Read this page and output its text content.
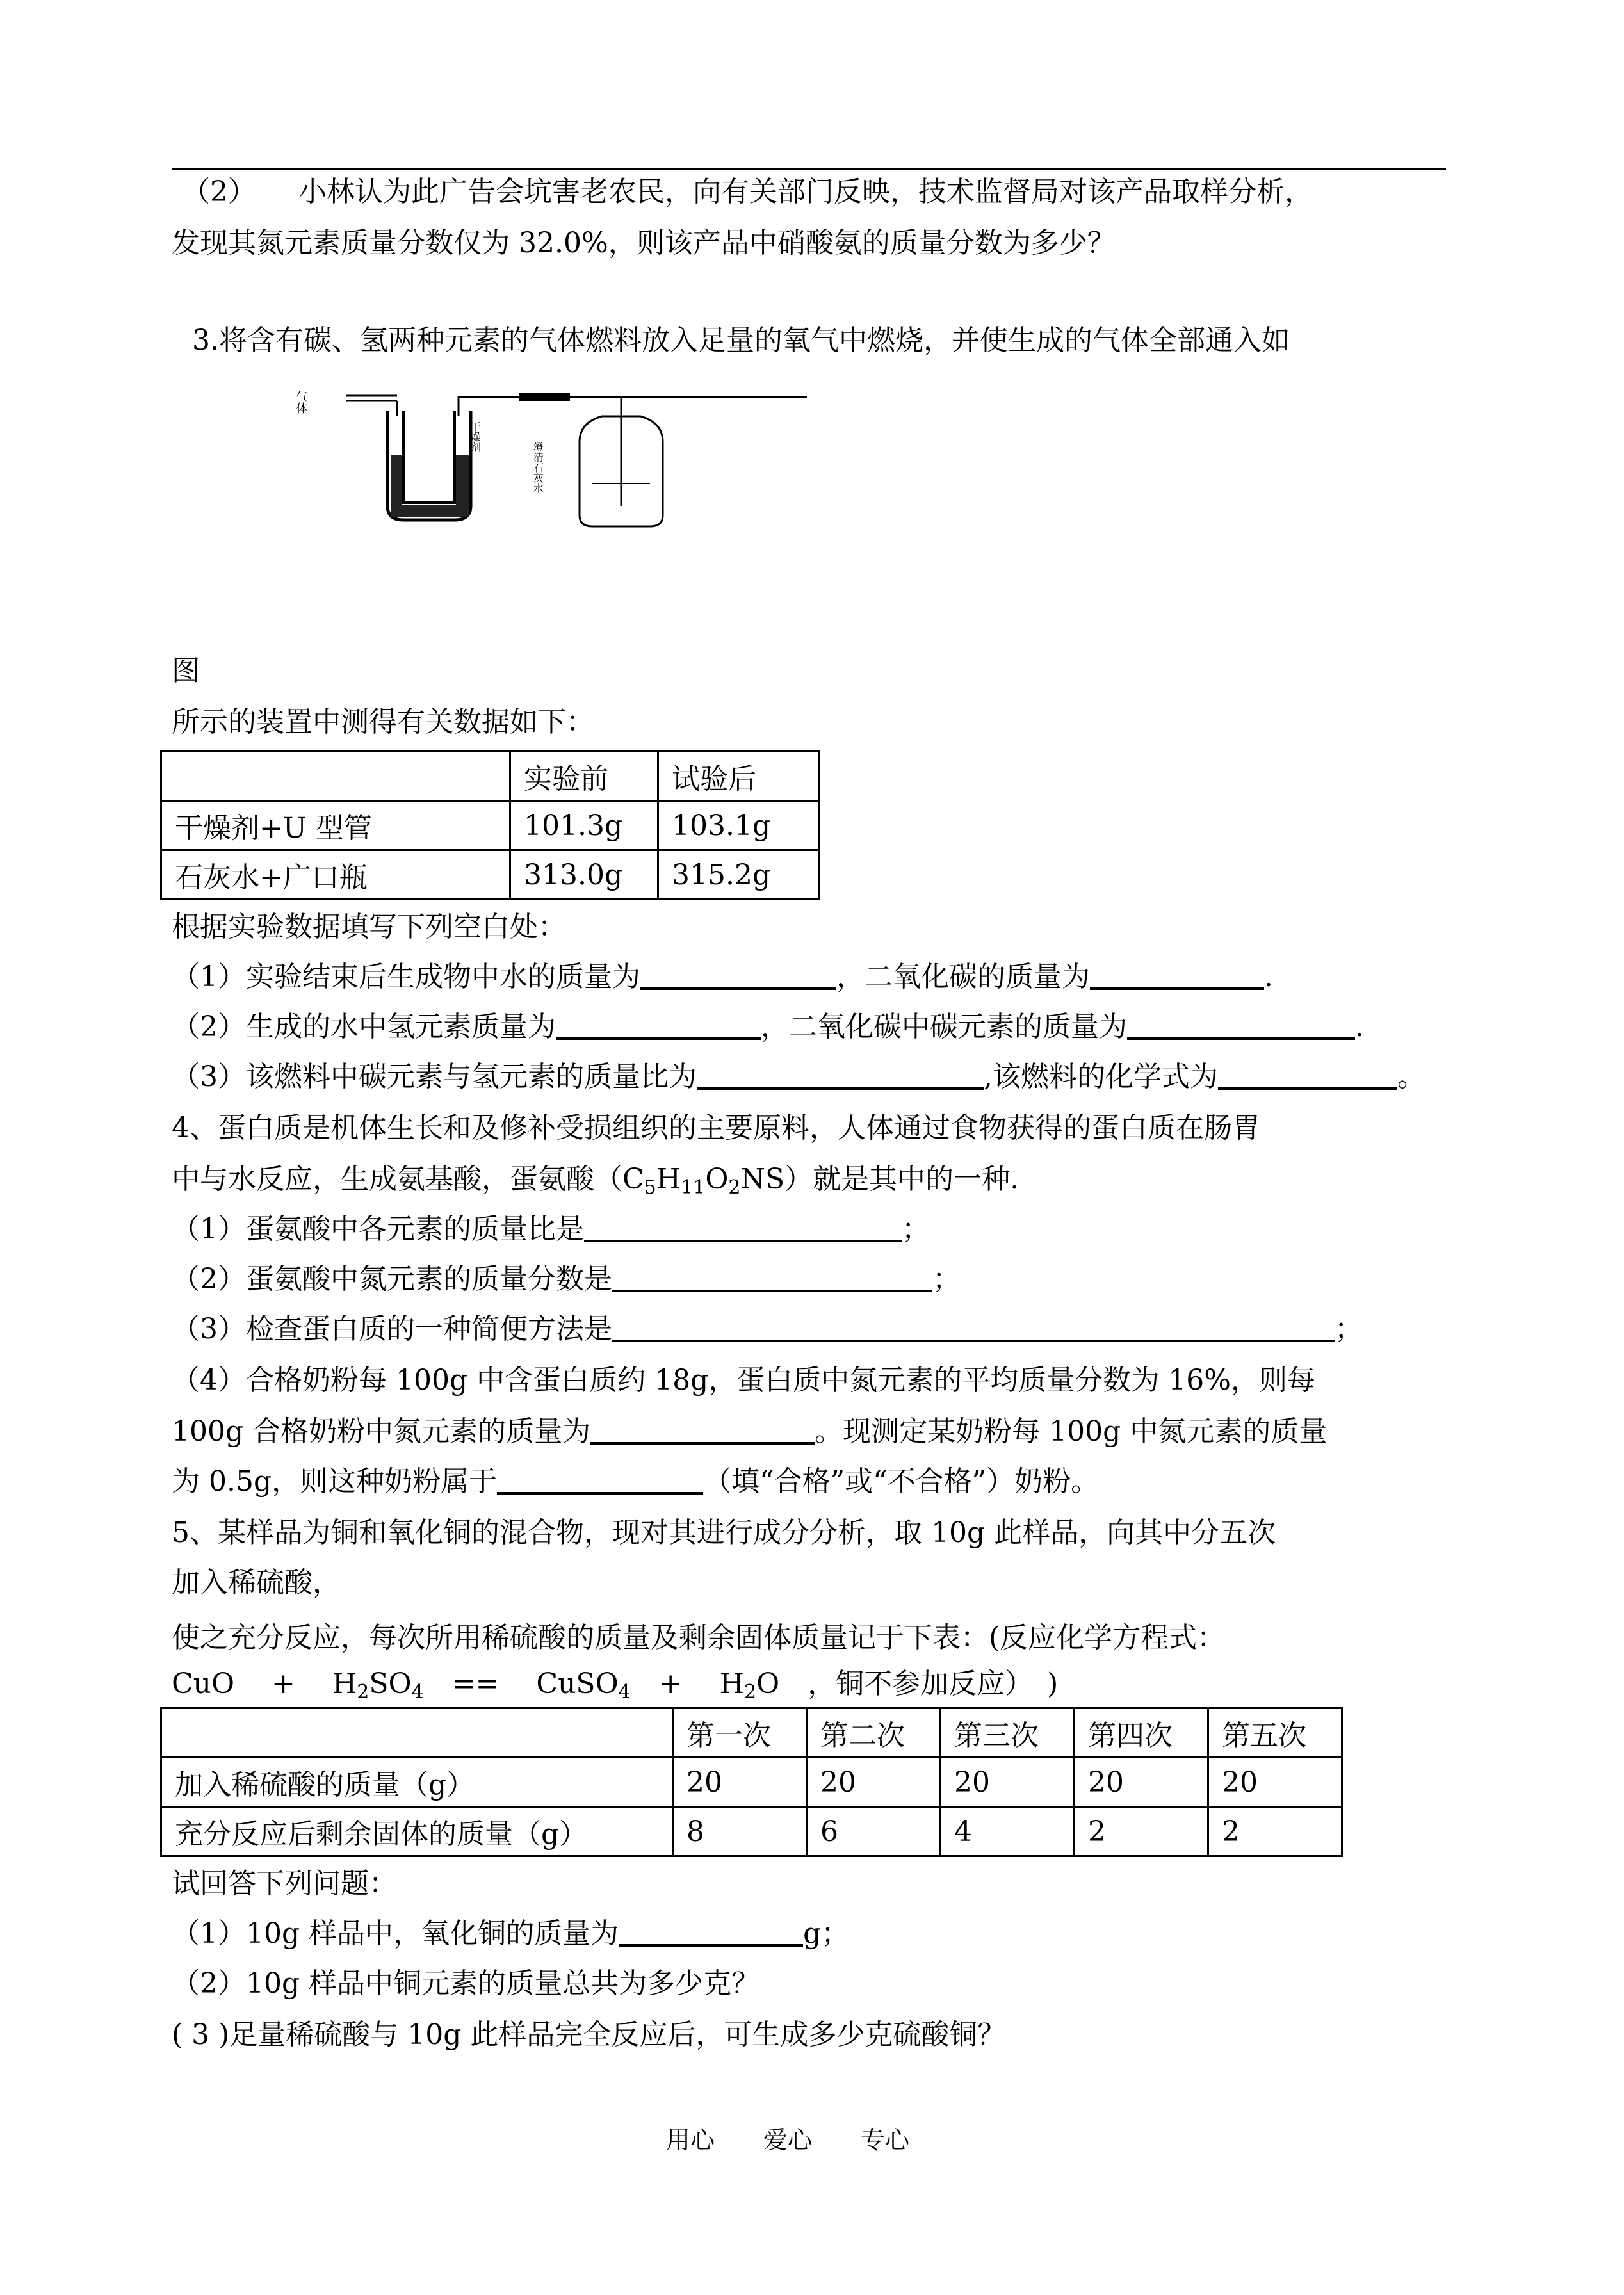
（2）　　小林认为此广告会坑害老农民，向有关部门反映，技术监督局对该产品取样分析，
发现其氮元素质量分数仅为 32.0%，则该产品中硝酸氨的质量分数为多少？
3.将含有碳、氢两种元素的气体燃料放入足量的氧气中燃烧，并使生成的气体全部通入如
气体
干燥剂
澄清石灰水
图
所示的装置中测得有关数据如下：
	实验前	试验后
干燥剂+U 型管	101.3g	103.1g
石灰水+广口瓶	313.0g	315.2g
根据实验数据填写下列空白处：
（1）实验结束后生成物中水的质量为	，二氧化碳的质量为	.
（2）生成的水中氢元素质量为	，二氧化碳中碳元素的质量为	.
（3）该燃料中碳元素与氢元素的质量比为	,该燃料的化学式为	。
4、蛋白质是机体生长和及修补受损组织的主要原料，人体通过食物获得的蛋白质在肠胃
中与水反应，生成氨基酸，蛋氨酸$(C_5H_{11}O_2NS)$就是其中的一种.
（1）蛋氨酸中各元素的质量比是	；
（2）蛋氨酸中氮元素的质量分数是	；
（3）检查蛋白质的一种简便方法是	；
（4）合格奶粉每 100g 中含蛋白质约 18g，蛋白质中氮元素的平均质量分数为 16%，则每
100g 合格奶粉中氮元素的质量为	。现测定某奶粉每 100g 中氮元素的质量
为 0.5g，则这种奶粉属于	（填“合格”或“不合格”）奶粉。
5、某样品为铜和氧化铜的混合物，现对其进行成分分析，取 10g 此样品，向其中分五次
加入稀硫酸，
使之充分反应，每次所用稀硫酸的质量及剩余固体质量记于下表：(反应化学方程式：
CuO　 +　 $H_2SO_4$　==　 CuSO$_4$　+　 $H_2O$　，铜不参加反应）　)
	第一次	第二次	第三次	第四次	第五次
加入稀硫酸的质量（g）	20	20	20	20	20
充分反应后剩余固体的质量（g）	8	6	4	2	2
试回答下列问题：
（1）10g 样品中，氧化铜的质量为	g；
（2）10g 样品中铜元素的质量总共为多少克？
( 3 )足量稀硫酸与 10g 此样品完全反应后，可生成多少克硫酸铜？
用心　　爱心　　专心
